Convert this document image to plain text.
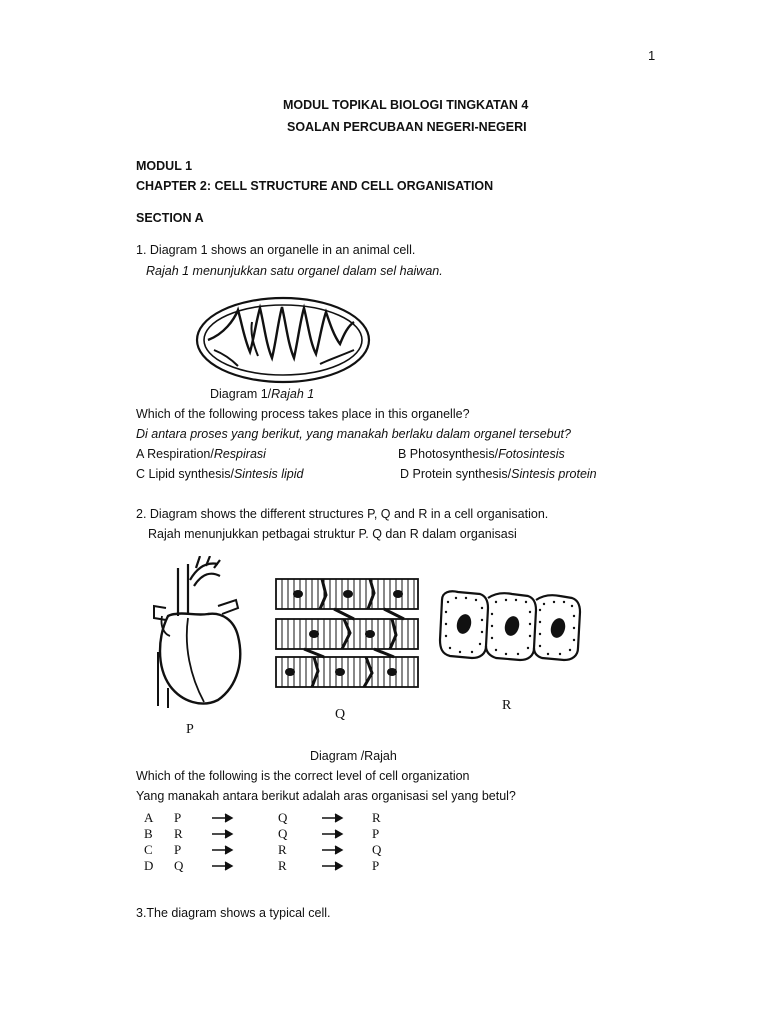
1
MODUL TOPIKAL BIOLOGI TINGKATAN 4
SOALAN PERCUBAAN NEGERI-NEGERI
MODUL 1
CHAPTER 2: CELL STRUCTURE AND CELL ORGANISATION
SECTION A
1. Diagram 1 shows an organelle in an animal cell.
Rajah 1 menunjukkan satu organel dalam sel haiwan.
Diagram 1/Rajah 1
Which of the following process takes place in this organelle?
Di antara proses yang berikut, yang manakah berlaku dalam organel tersebut?
A Respiration/Respirasi	B Photosynthesis/Fotosintesis
C Lipid synthesis/Sintesis lipid	D Protein synthesis/Sintesis protein
2. Diagram shows the different structures P, Q and R in a cell organisation.
Rajah menunjukkan petbagai struktur P. Q dan R dalam organisasi
P
Q
R
Diagram /Rajah
Which of the following is the correct level of cell organization
Yang manakah antara berikut adalah aras organisasi sel yang betul?
A P	Q	R
B R	Q	P
C P	R	Q
D Q	R	P
3.The diagram shows a typical cell.
